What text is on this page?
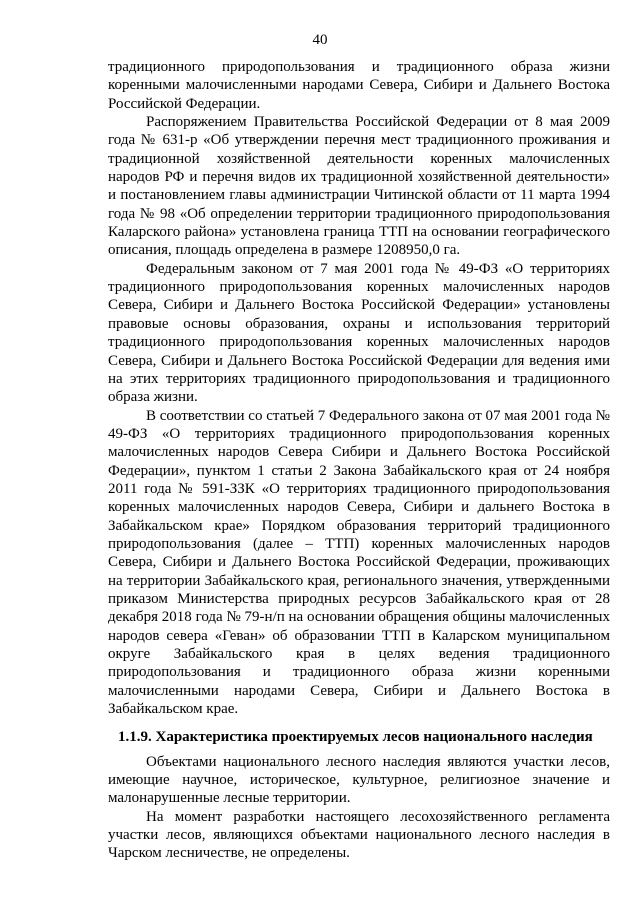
40

традиционного природопользования и традиционного образа жизни коренными малочисленными народами Севера, Сибири и Дальнего Востока Российской Федерации.

Распоряжением Правительства Российской Федерации от 8 мая 2009 года № 631-р «Об утверждении перечня мест традиционного проживания и традиционной хозяйственной деятельности коренных малочисленных народов РФ и перечня видов их традиционной хозяйственной деятельности» и постановлением главы администрации Читинской области от 11 марта 1994 года № 98 «Об определении территории традиционного природопользования Каларского района» установлена граница ТТП на основании географического описания, площадь определена в размере 1208950,0 га.

Федеральным законом от 7 мая 2001 года № 49-ФЗ «О территориях традиционного природопользования коренных малочисленных народов Севера, Сибири и Дальнего Востока Российской Федерации» установлены правовые основы образования, охраны и использования территорий традиционного природопользования коренных малочисленных народов Севера, Сибири и Дальнего Востока Российской Федерации для ведения ими на этих территориях традиционного природопользования и традиционного образа жизни.

В соответствии со статьей 7 Федерального закона от 07 мая 2001 года № 49-ФЗ «О территориях традиционного природопользования коренных малочисленных народов Севера Сибири и Дальнего Востока Российской Федерации», пунктом 1 статьи 2 Закона Забайкальского края от 24 ноября 2011 года № 591-ЗЗК «О территориях традиционного природопользования коренных малочисленных народов Севера, Сибири и дальнего Востока в Забайкальском крае» Порядком образования территорий традиционного природопользования (далее – ТТП) коренных малочисленных народов Севера, Сибири и Дальнего Востока Российской Федерации, проживающих на территории Забайкальского края, регионального значения, утвержденными приказом Министерства природных ресурсов Забайкальского края от 28 декабря 2018 года № 79-н/п на основании обращения общины малочисленных народов севера «Геван» об образовании ТТП в Каларском муниципальном округе Забайкальского края в целях ведения традиционного природопользования и традиционного образа жизни коренными малочисленными народами Севера, Сибири и Дальнего Востока в Забайкальском крае.

1.1.9. Характеристика проектируемых лесов национального наследия

Объектами национального лесного наследия являются участки лесов, имеющие научное, историческое, культурное, религиозное значение и малонарушенные лесные территории.

На момент разработки настоящего лесохозяйственного регламента участки лесов, являющихся объектами национального лесного наследия в Чарском лесничестве, не определены.
